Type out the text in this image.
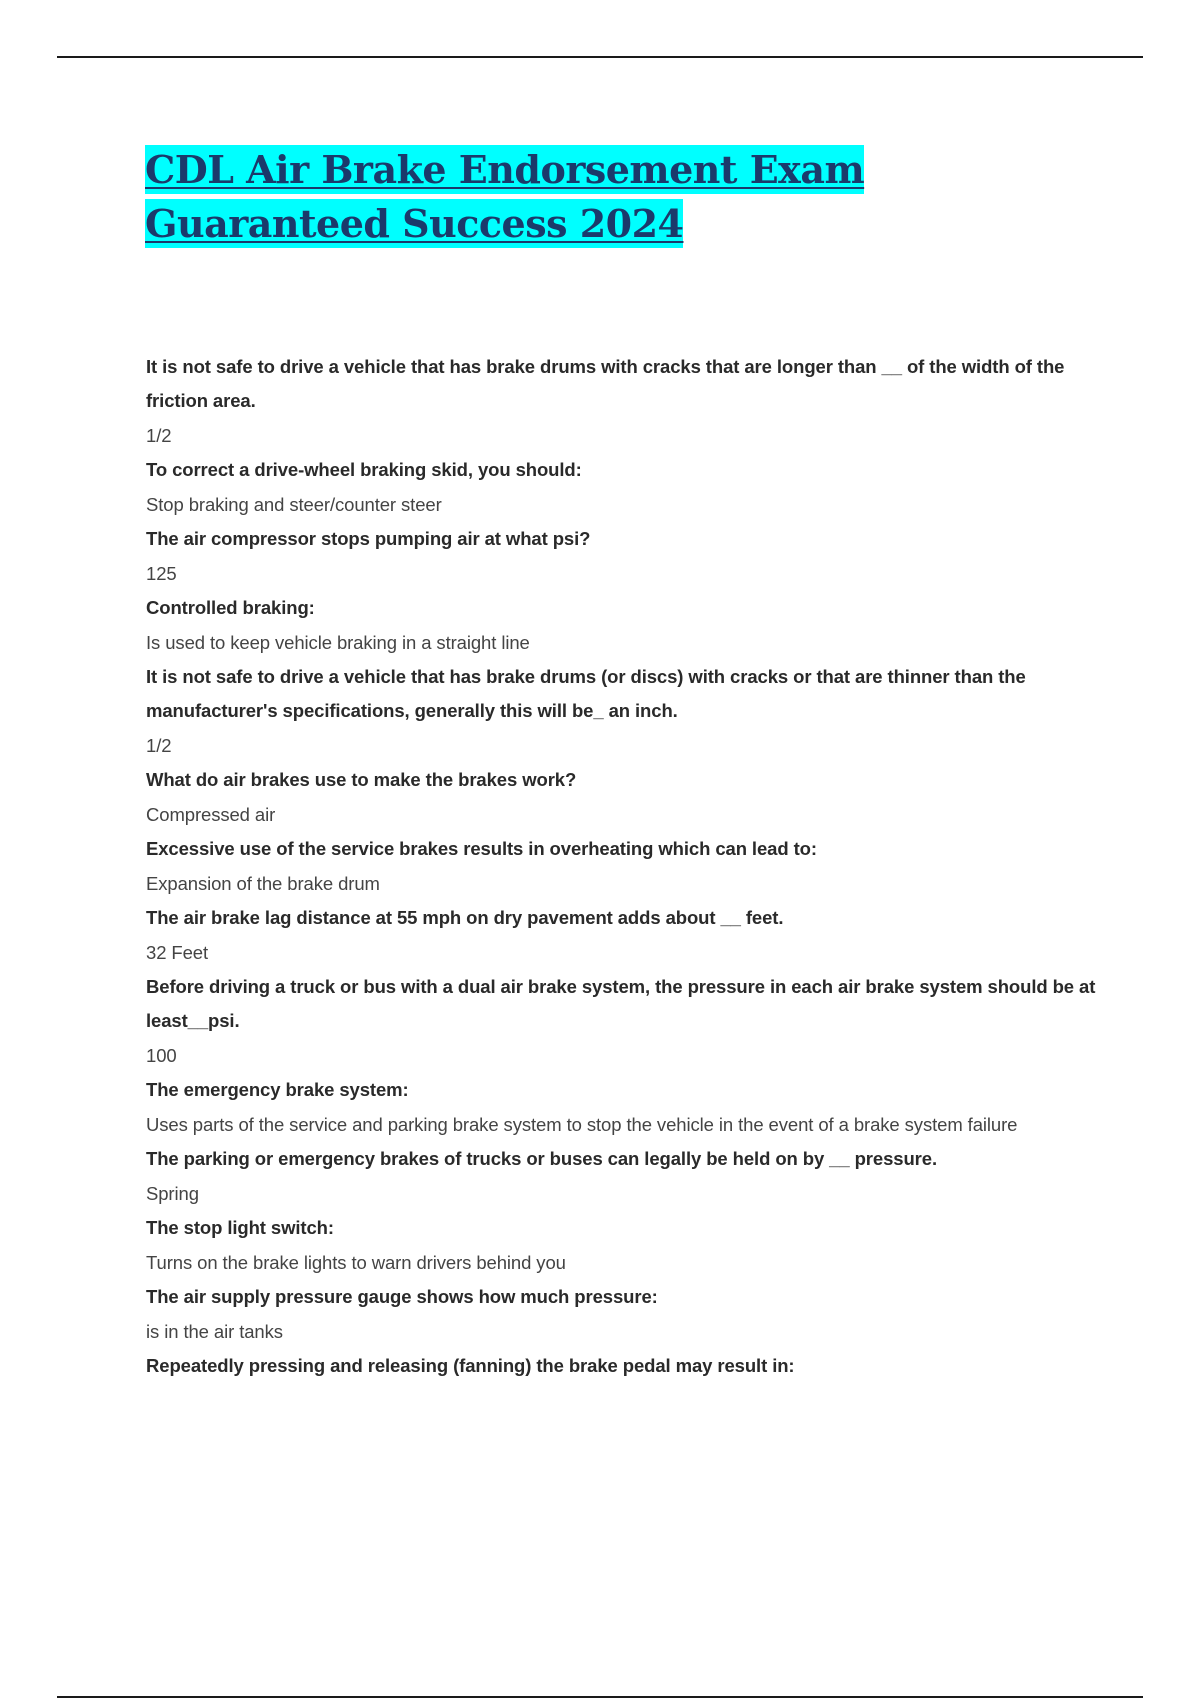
CDL Air Brake Endorsement Exam Guaranteed Success 2024

It is not safe to drive a vehicle that has brake drums with cracks that are longer than __ of the width of the friction area.

1/2

To correct a drive-wheel braking skid, you should:

Stop braking and steer/counter steer

The air compressor stops pumping air at what psi?

125

Controlled braking:

Is used to keep vehicle braking in a straight line

It is not safe to drive a vehicle that has brake drums (or discs) with cracks or that are thinner than the manufacturer's specifications, generally this will be_ an inch.

1/2

What do air brakes use to make the brakes work?

Compressed air

Excessive use of the service brakes results in overheating which can lead to:

Expansion of the brake drum

The air brake lag distance at 55 mph on dry pavement adds about __ feet.

32 Feet

Before driving a truck or bus with a dual air brake system, the pressure in each air brake system should be at least__psi.

100

The emergency brake system:

Uses parts of the service and parking brake system to stop the vehicle in the event of a brake system failure

The parking or emergency brakes of trucks or buses can legally be held on by __ pressure.

Spring

The stop light switch:

Turns on the brake lights to warn drivers behind you

The air supply pressure gauge shows how much pressure:

is in the air tanks

Repeatedly pressing and releasing (fanning) the brake pedal may result in:
